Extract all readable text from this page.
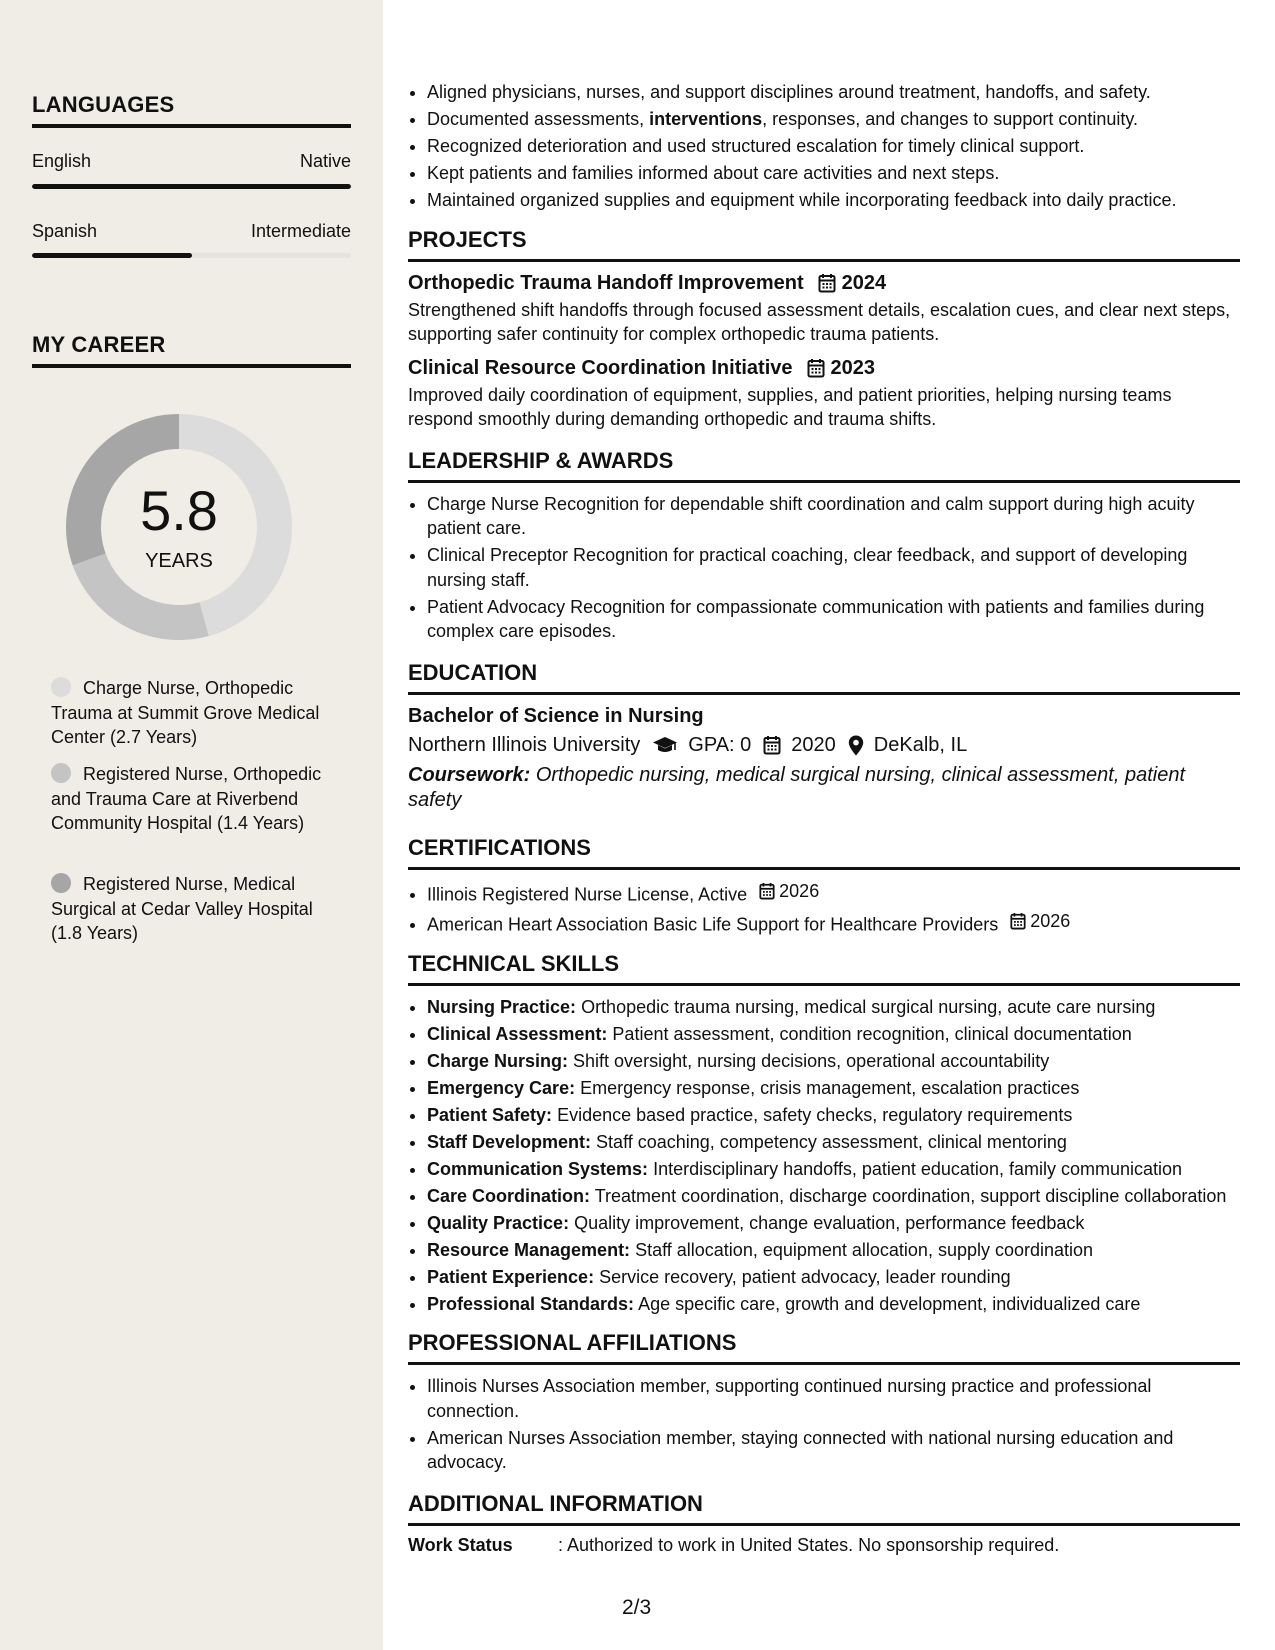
LANGUAGES
English	Native
Spanish	Intermediate
MY CAREER
5.8
YEARS
Charge Nurse, Orthopedic Trauma at Summit Grove Medical Center (2.7 Years)
Registered Nurse, Orthopedic and Trauma Care at Riverbend Community Hospital (1.4 Years)
Registered Nurse, Medical Surgical at Cedar Valley Hospital (1.8 Years)
• Aligned physicians, nurses, and support disciplines around treatment, handoffs, and safety.
• Documented assessments, interventions, responses, and changes to support continuity.
• Recognized deterioration and used structured escalation for timely clinical support.
• Kept patients and families informed about care activities and next steps.
• Maintained organized supplies and equipment while incorporating feedback into daily practice.
PROJECTS
Orthopedic Trauma Handoff Improvement 2024
Strengthened shift handoffs through focused assessment details, escalation cues, and clear next steps, supporting safer continuity for complex orthopedic trauma patients.
Clinical Resource Coordination Initiative 2023
Improved daily coordination of equipment, supplies, and patient priorities, helping nursing teams respond smoothly during demanding orthopedic and trauma shifts.
LEADERSHIP & AWARDS
• Charge Nurse Recognition for dependable shift coordination and calm support during high acuity patient care.
• Clinical Preceptor Recognition for practical coaching, clear feedback, and support of developing nursing staff.
• Patient Advocacy Recognition for compassionate communication with patients and families during complex care episodes.
EDUCATION
Bachelor of Science in Nursing
Northern Illinois University GPA: 0 2020 DeKalb, IL
Coursework: Orthopedic nursing, medical surgical nursing, clinical assessment, patient safety
CERTIFICATIONS
• Illinois Registered Nurse License, Active 2026
• American Heart Association Basic Life Support for Healthcare Providers 2026
TECHNICAL SKILLS
• Nursing Practice: Orthopedic trauma nursing, medical surgical nursing, acute care nursing
• Clinical Assessment: Patient assessment, condition recognition, clinical documentation
• Charge Nursing: Shift oversight, nursing decisions, operational accountability
• Emergency Care: Emergency response, crisis management, escalation practices
• Patient Safety: Evidence based practice, safety checks, regulatory requirements
• Staff Development: Staff coaching, competency assessment, clinical mentoring
• Communication Systems: Interdisciplinary handoffs, patient education, family communication
• Care Coordination: Treatment coordination, discharge coordination, support discipline collaboration
• Quality Practice: Quality improvement, change evaluation, performance feedback
• Resource Management: Staff allocation, equipment allocation, supply coordination
• Patient Experience: Service recovery, patient advocacy, leader rounding
• Professional Standards: Age specific care, growth and development, individualized care
PROFESSIONAL AFFILIATIONS
• Illinois Nurses Association member, supporting continued nursing practice and professional connection.
• American Nurses Association member, staying connected with national nursing education and advocacy.
ADDITIONAL INFORMATION
Work Status	: Authorized to work in United States. No sponsorship required.
2/3
